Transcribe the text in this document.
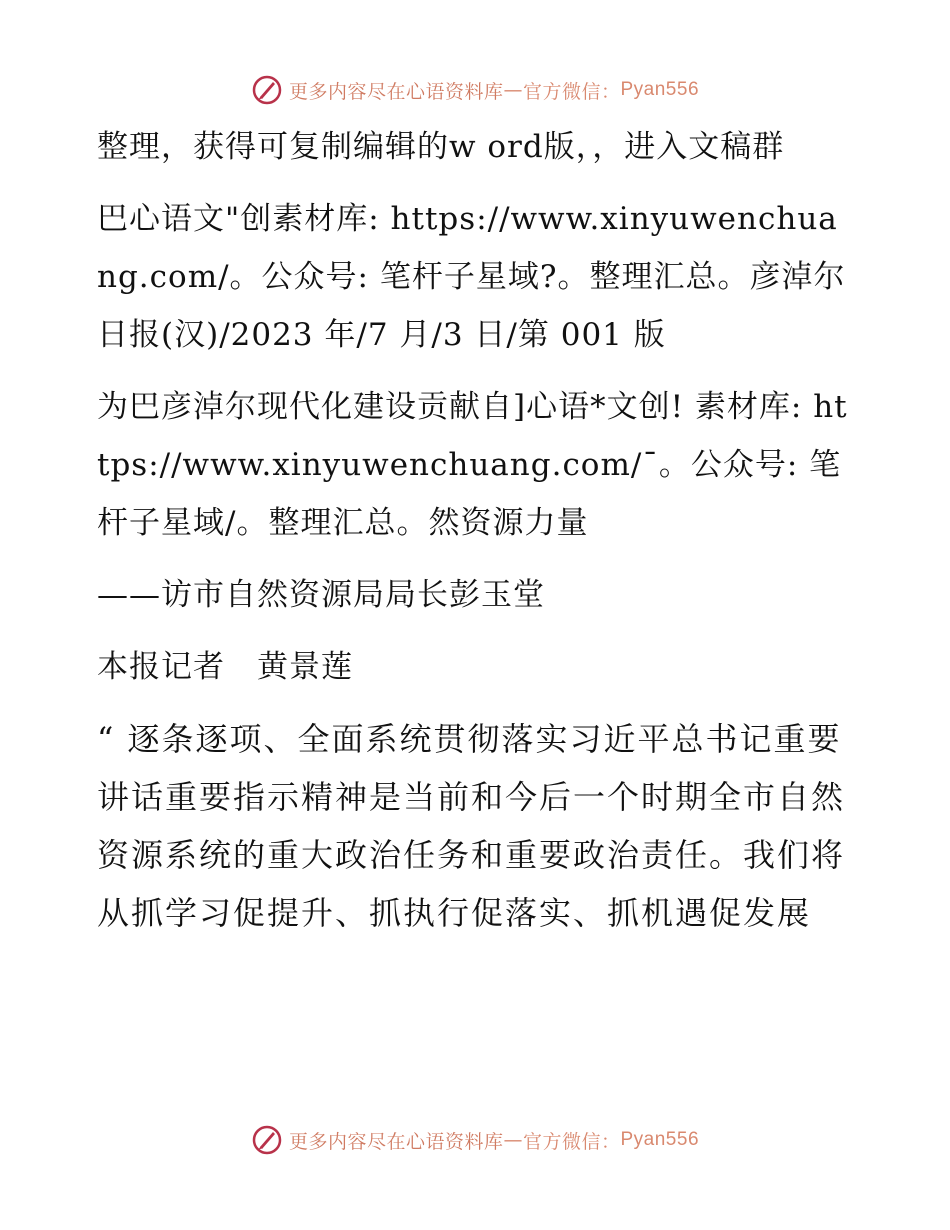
更多内容尽在心语资料库 — 官方微信： Pyan556

整理，获得可复制编辑的w ord版，，进入文稿群

巴心语文"创素材库: https://www.xinyuwenchuang.com/。公众号: 笔杆子星域?。整理汇总。彦淖尔日报(汉)/2023 年/7 月/3 日/第 001 版

为巴彦淖尔现代化建设贡献自]心语*文创! 素材库: https://www.xinyuwenchuang.com/¯。公众号: 笔杆子星域/。整理汇总。然资源力量

——访市自然资源局局长彭玉堂

本报记者　黄景莲

“ 逐条逐项、全面系统贯彻落实习近平总书记重要讲话重要指示精神是当前和今后一个时期全市自然资源系统的重大政治任务和重要政治责任。我们将从抓学习促提升、抓执行促落实、抓机遇促发展

更多内容尽在心语资料库 — 官方微信： Pyan556
